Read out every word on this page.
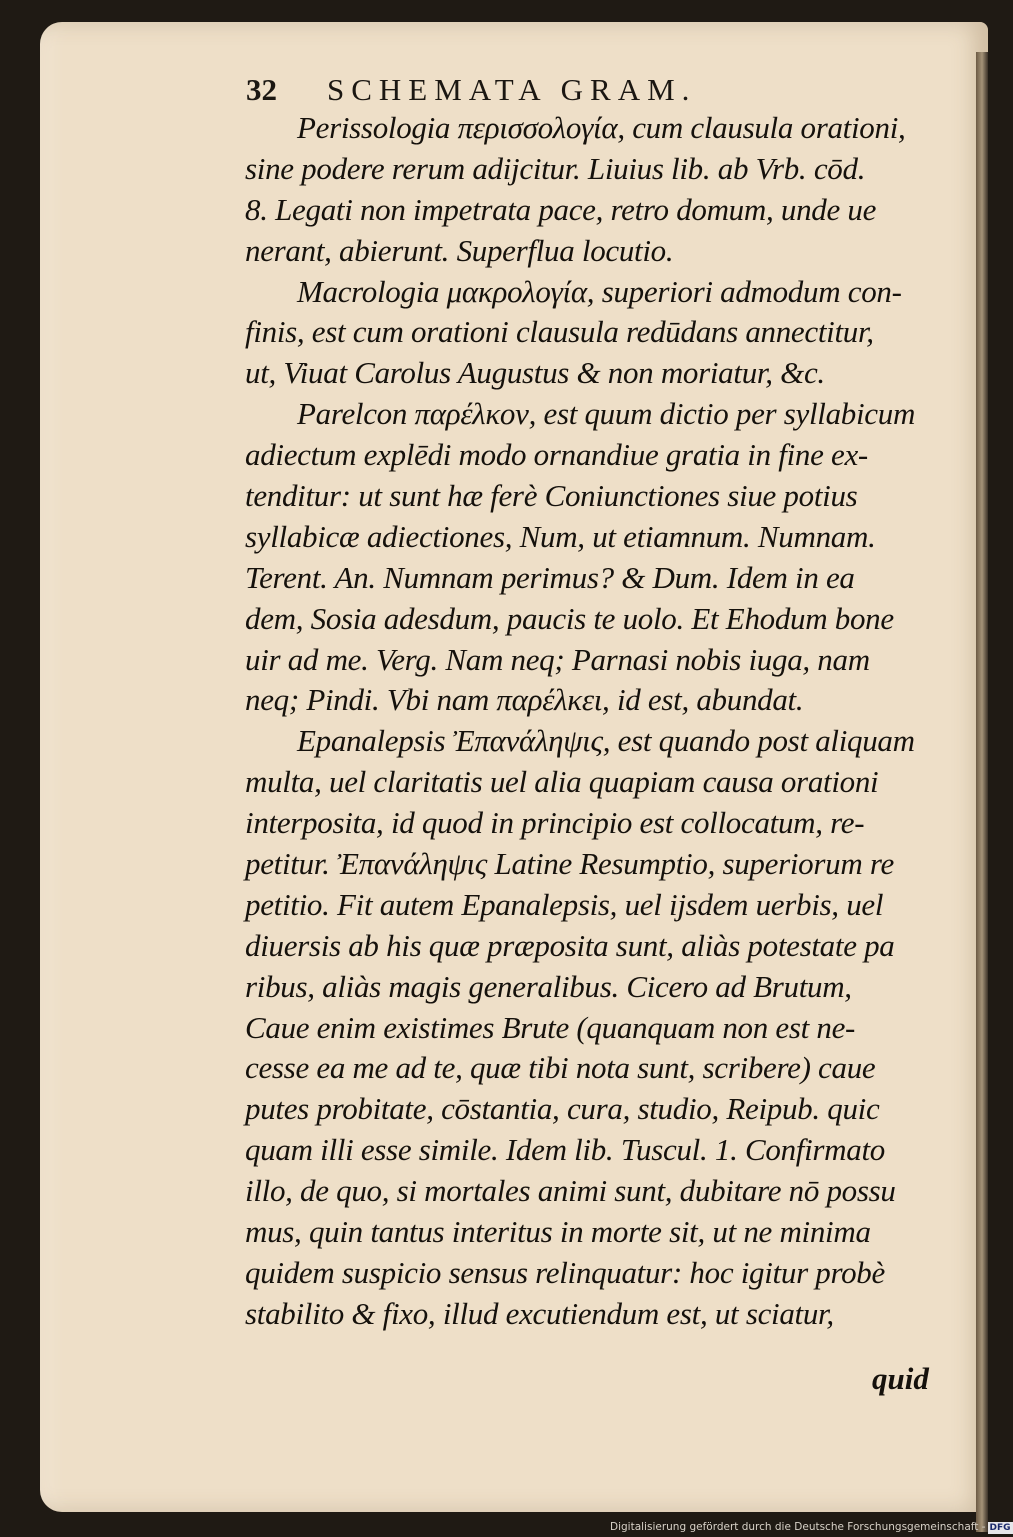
32 SCHEMATA GRAM.
Perissologia περισσολογία, cum clausula orationi,
sine podere rerum adijcitur. Liuius lib. ab Vrb. cōd.
8. Legati non impetrata pace, retro domum, unde ue
nerant, abierunt. Superflua locutio.
Macrologia μακρολογία, superiori admodum con-
finis, est cum orationi clausula redūdans annectitur,
ut, Viuat Carolus Augustus & non moriatur, &c.
Parelcon παρέλκον, est quum dictio per syllabicum
adiectum explēdi modo ornandiue gratia in fine ex-
tenditur: ut sunt hæ ferè Coniunctiones siue potius
syllabicæ adiectiones, Num, ut etiamnum. Numnam.
Terent. An. Numnam perimus? & Dum. Idem in ea
dem, Sosia adesdum, paucis te uolo. Et Ehodum bone
uir ad me. Verg. Nam neq; Parnasi nobis iuga, nam
neq; Pindi. Vbi nam παρέλκει, id est, abundat.
Epanalepsis Ἐπανάληψις, est quando post aliquam
multa, uel claritatis uel alia quapiam causa orationi
interposita, id quod in principio est collocatum, re-
petitur. Ἐπανάληψις Latine Resumptio, superiorum re
petitio. Fit autem Epanalepsis, uel ijsdem uerbis, uel
diuersis ab his quæ præposita sunt, aliàs potestate pa
ribus, aliàs magis generalibus. Cicero ad Brutum,
Caue enim existimes Brute (quanquam non est ne-
cesse ea me ad te, quæ tibi nota sunt, scribere) caue
putes probitate, cōstantia, cura, studio, Reipub. quic
quam illi esse simile. Idem lib. Tuscul. 1. Confirmato
illo, de quo, si mortales animi sunt, dubitare nō possu
mus, quin tantus interitus in morte sit, ut ne minima
quidem suspicio sensus relinquatur: hoc igitur probè
stabilito & fixo, illud excutiendum est, ut sciatur,
quid
Digitalisierung gefördert durch die Deutsche Forschungsgemeinschaft - DFG
